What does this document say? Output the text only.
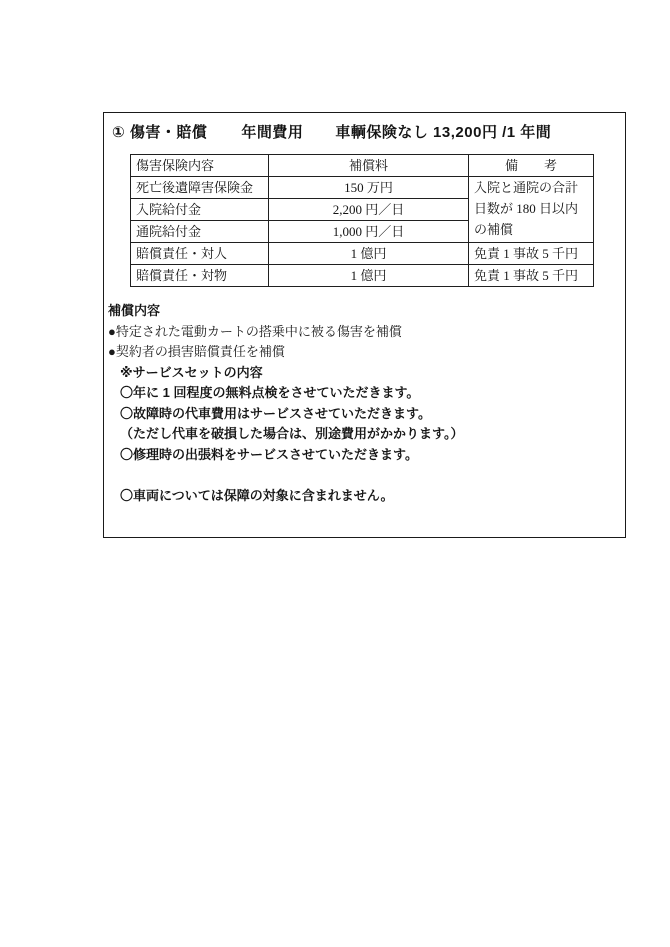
① 傷害・賠償 年間費用 車輌保険なし 13,200円 /1 年間
傷害保険内容	補償料	備　　考
死亡後遺障害保険金	150 万円	入院と通院の合計
日数が 180 日以内
の補償

入院給付金	2,200 円／日	
通院給付金	1,000 円／日	
賠償責任・対人	1 億円	免責 1 事故 5 千円
賠償責任・対物	1 億円	免責 1 事故 5 千円
補償内容
●特定された電動カートの搭乗中に被る傷害を補償
●契約者の損害賠償責任を補償
※サービスセットの内容
〇年に 1 回程度の無料点検をさせていただきます。
〇故障時の代車費用はサービスさせていただきます。
（ただし代車を破損した場合は、別途費用がかかります。）
〇修理時の出張料をサービスさせていただきます。
〇車両については保障の対象に含まれません。
